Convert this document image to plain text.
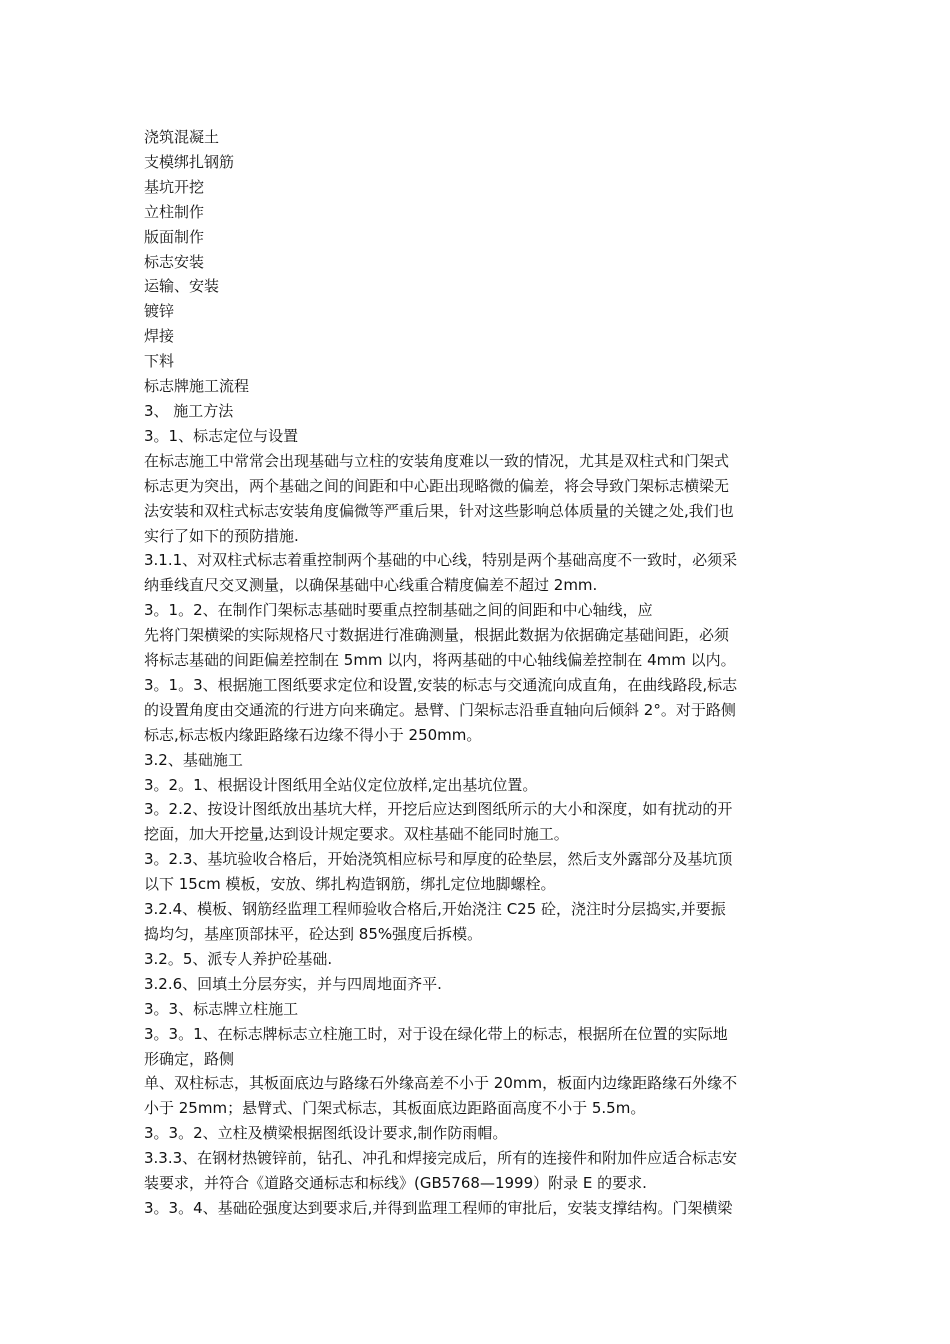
浇筑混凝土

支模绑扎钢筋

基坑开挖

立柱制作

版面制作

标志安装

运输、安装

镀锌

焊接

下料

标志牌施工流程

3、 施工方法

3。1、标志定位与设置

在标志施工中常常会出现基础与立柱的安装角度难以一致的情况，尤其是双柱式和门架式

标志更为突出，两个基础之间的间距和中心距出现略微的偏差，将会导致门架标志横梁无

法安装和双柱式标志安装角度偏微等严重后果，针对这些影响总体质量的关键之处,我们也

实行了如下的预防措施.

3.1.1、对双柱式标志着重控制两个基础的中心线，特别是两个基础高度不一致时，必须采

纳垂线直尺交叉测量，以确保基础中心线重合精度偏差不超过 2mm.

3。1。2、在制作门架标志基础时要重点控制基础之间的间距和中心轴线，应

先将门架横梁的实际规格尺寸数据进行准确测量，根据此数据为依据确定基础间距，必须

将标志基础的间距偏差控制在 5mm 以内，将两基础的中心轴线偏差控制在 4mm 以内。

3。1。3、根据施工图纸要求定位和设置,安装的标志与交通流向成直角，在曲线路段,标志

的设置角度由交通流的行进方向来确定。悬臂、门架标志沿垂直轴向后倾斜 2°。对于路侧

标志,标志板内缘距路缘石边缘不得小于 250mm。

3.2、基础施工

3。2。1、根据设计图纸用全站仪定位放样,定出基坑位置。

3。2.2、按设计图纸放出基坑大样，开挖后应达到图纸所示的大小和深度，如有扰动的开

挖面，加大开挖量,达到设计规定要求。双柱基础不能同时施工。

3。2.3、基坑验收合格后，开始浇筑相应标号和厚度的砼垫层，然后支外露部分及基坑顶

以下 15cm 模板，安放、绑扎构造钢筋，绑扎定位地脚螺栓。

3.2.4、模板、钢筋经监理工程师验收合格后,开始浇注 C25 砼，浇注时分层捣实,并要振

捣均匀，基座顶部抹平，砼达到 85%强度后拆模。

3.2。5、派专人养护砼基础.

3.2.6、回填土分层夯实，并与四周地面齐平.

3。3、标志牌立柱施工

3。3。1、在标志牌标志立柱施工时，对于设在绿化带上的标志，根据所在位置的实际地

形确定，路侧

单、双柱标志，其板面底边与路缘石外缘高差不小于 20mm，板面内边缘距路缘石外缘不

小于 25mm；悬臂式、门架式标志，其板面底边距路面高度不小于 5.5m。

3。3。2、立柱及横梁根据图纸设计要求,制作防雨帽。

3.3.3、在钢材热镀锌前，钻孔、冲孔和焊接完成后，所有的连接件和附加件应适合标志安

装要求，并符合《道路交通标志和标线》(GB5768—1999）附录 E 的要求.

3。3。4、基础砼强度达到要求后,并得到监理工程师的审批后，安装支撑结构。门架横梁
